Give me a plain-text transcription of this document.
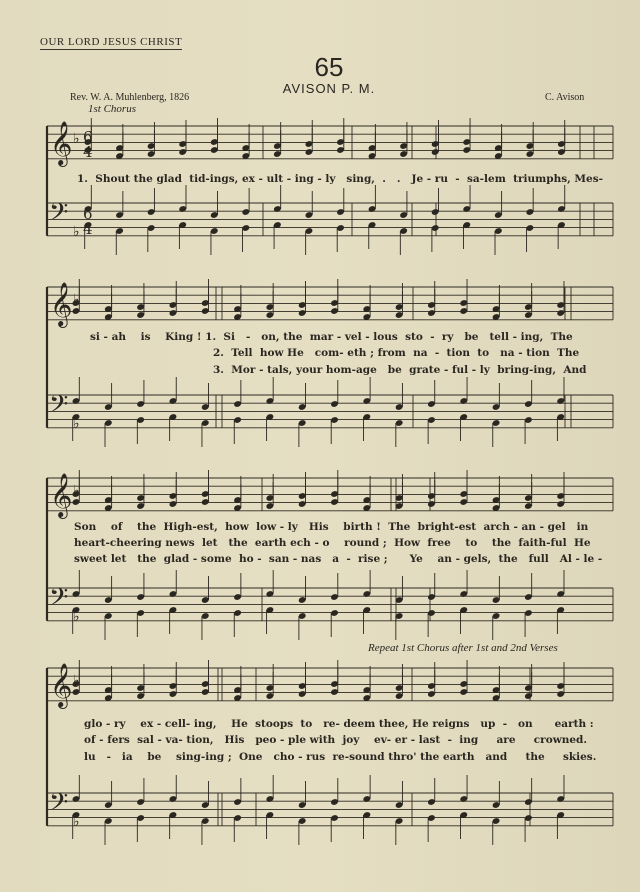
OUR LORD JESUS CHRIST
65
AVISON P. M.
Rev. W. A. Muhlenberg, 1826	C. Avison
1st Chorus
Repeat 1st Chorus after 1st and 2nd Verses
𝄞
𝄢
♭
♭
6
4
6
4
𝄞
𝄢
♭
♭
𝄞
𝄢
♭
♭
𝄞
𝄢
♭
♭
1.  Shout the glad  tid-ings, ex - ult - ing - ly   sing,  .   .   Je - ru  -  sa-lem  triumphs, Mes-
si - ah    is    King ! 1.  Si   -   on, the  mar - vel - lous  sto  -  ry   be   tell - ing,  The
2.  Tell  how He   com- eth ; from  na  -  tion  to   na - tion  The
3.  Mor - tals, your hom-age   be  grate - ful - ly  bring-ing,  And
Son    of    the  High-est,  how  low - ly   His    birth !  The  bright-est  arch - an - gel   in
heart-cheering news  let   the  earth ech - o    round ;  How  free    to    the  faith-ful  He
sweet let   the  glad - some  ho -  san - nas   a  -  rise ;      Ye    an - gels,  the   full   Al - le -
glo - ry    ex - cell- ing,    He  stoops  to   re- deem thee, He reigns   up  -   on      earth :
of - fers  sal - va- tion,   His   peo - ple with  joy    ev- er - last  -  ing     are     crowned.
lu   -   ia    be    sing-ing ;  One   cho - rus  re-sound thro' the earth   and     the     skies.
